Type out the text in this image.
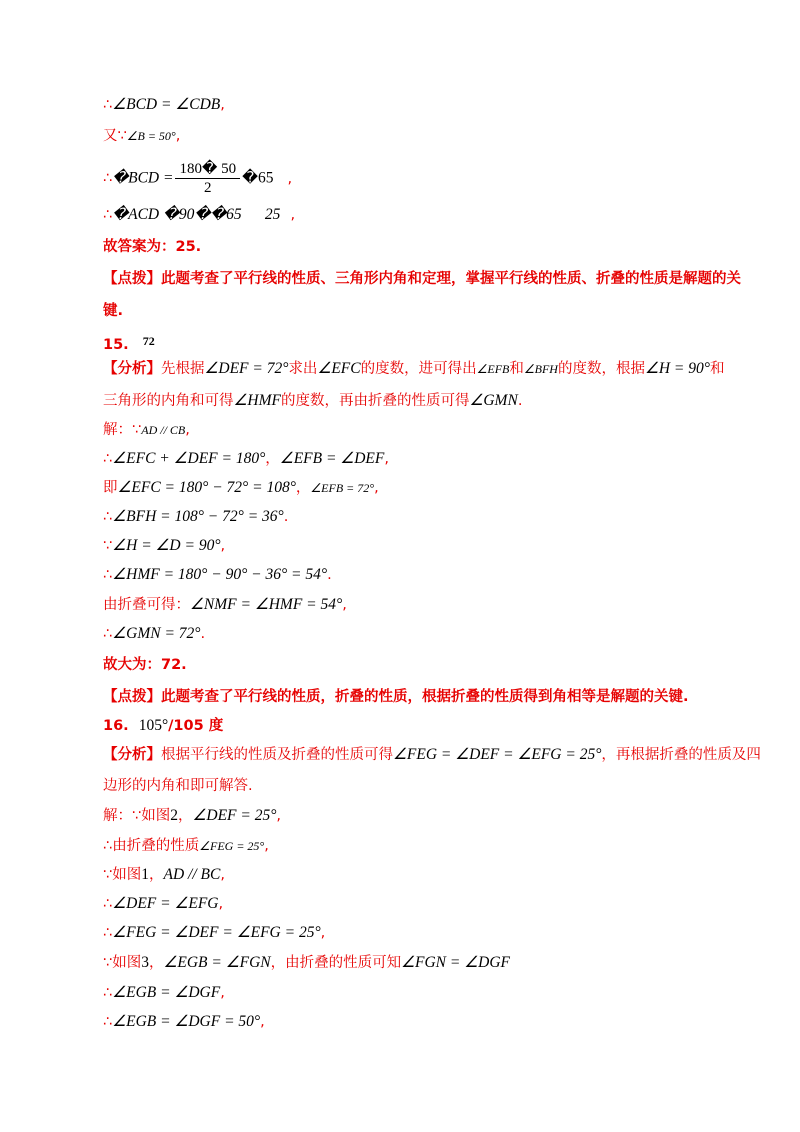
∴∠BCD = ∠CDB,
又∵∠B = 50°,
∴�BCD = $\frac{180� 50}{2}$ �65 ,
∴�ACD �90��65      25 ,
故答案为：25.
【点拨】此题考查了平行线的性质、三角形内角和定理，掌握平行线的性质、折叠的性质是解题的关
键.
15. $^{72}$
【分析】先根据∠DEF = 72°求出∠EFC的度数，进可得出∠EFB和∠BFH的度数，根据∠H = 90°和
三角形的内角和可得∠HMF的度数，再由折叠的性质可得∠GMN.
解：∵AD // CB,
∴∠EFC + ∠DEF = 180°，∠EFB = ∠DEF,
即∠EFC = 180° − 72° = 108°，∠EFB = 72°,
∴∠BFH = 108° − 72° = 36°.
∵∠H = ∠D = 90°,
∴∠HMF = 180° − 90° − 36° = 54°.
由折叠可得：∠NMF = ∠HMF = 54°,
∴∠GMN = 72°.
故大为：72.
【点拨】此题考查了平行线的性质，折叠的性质，根据折叠的性质得到角相等是解题的关键.
16. 105°/105 度
【分析】根据平行线的性质及折叠的性质可得∠FEG = ∠DEF = ∠EFG = 25°，再根据折叠的性质及四
边形的内角和即可解答.
解：∵如图2，∠DEF = 25°,
∴由折叠的性质∠FEG = 25°,
∵如图1，AD // BC,
∴∠DEF = ∠EFG,
∴∠FEG = ∠DEF = ∠EFG = 25°,
∵如图3，∠EGB = ∠FGN，由折叠的性质可知∠FGN = ∠DGF
∴∠EGB = ∠DGF,
∴∠EGB = ∠DGF = 50°,
